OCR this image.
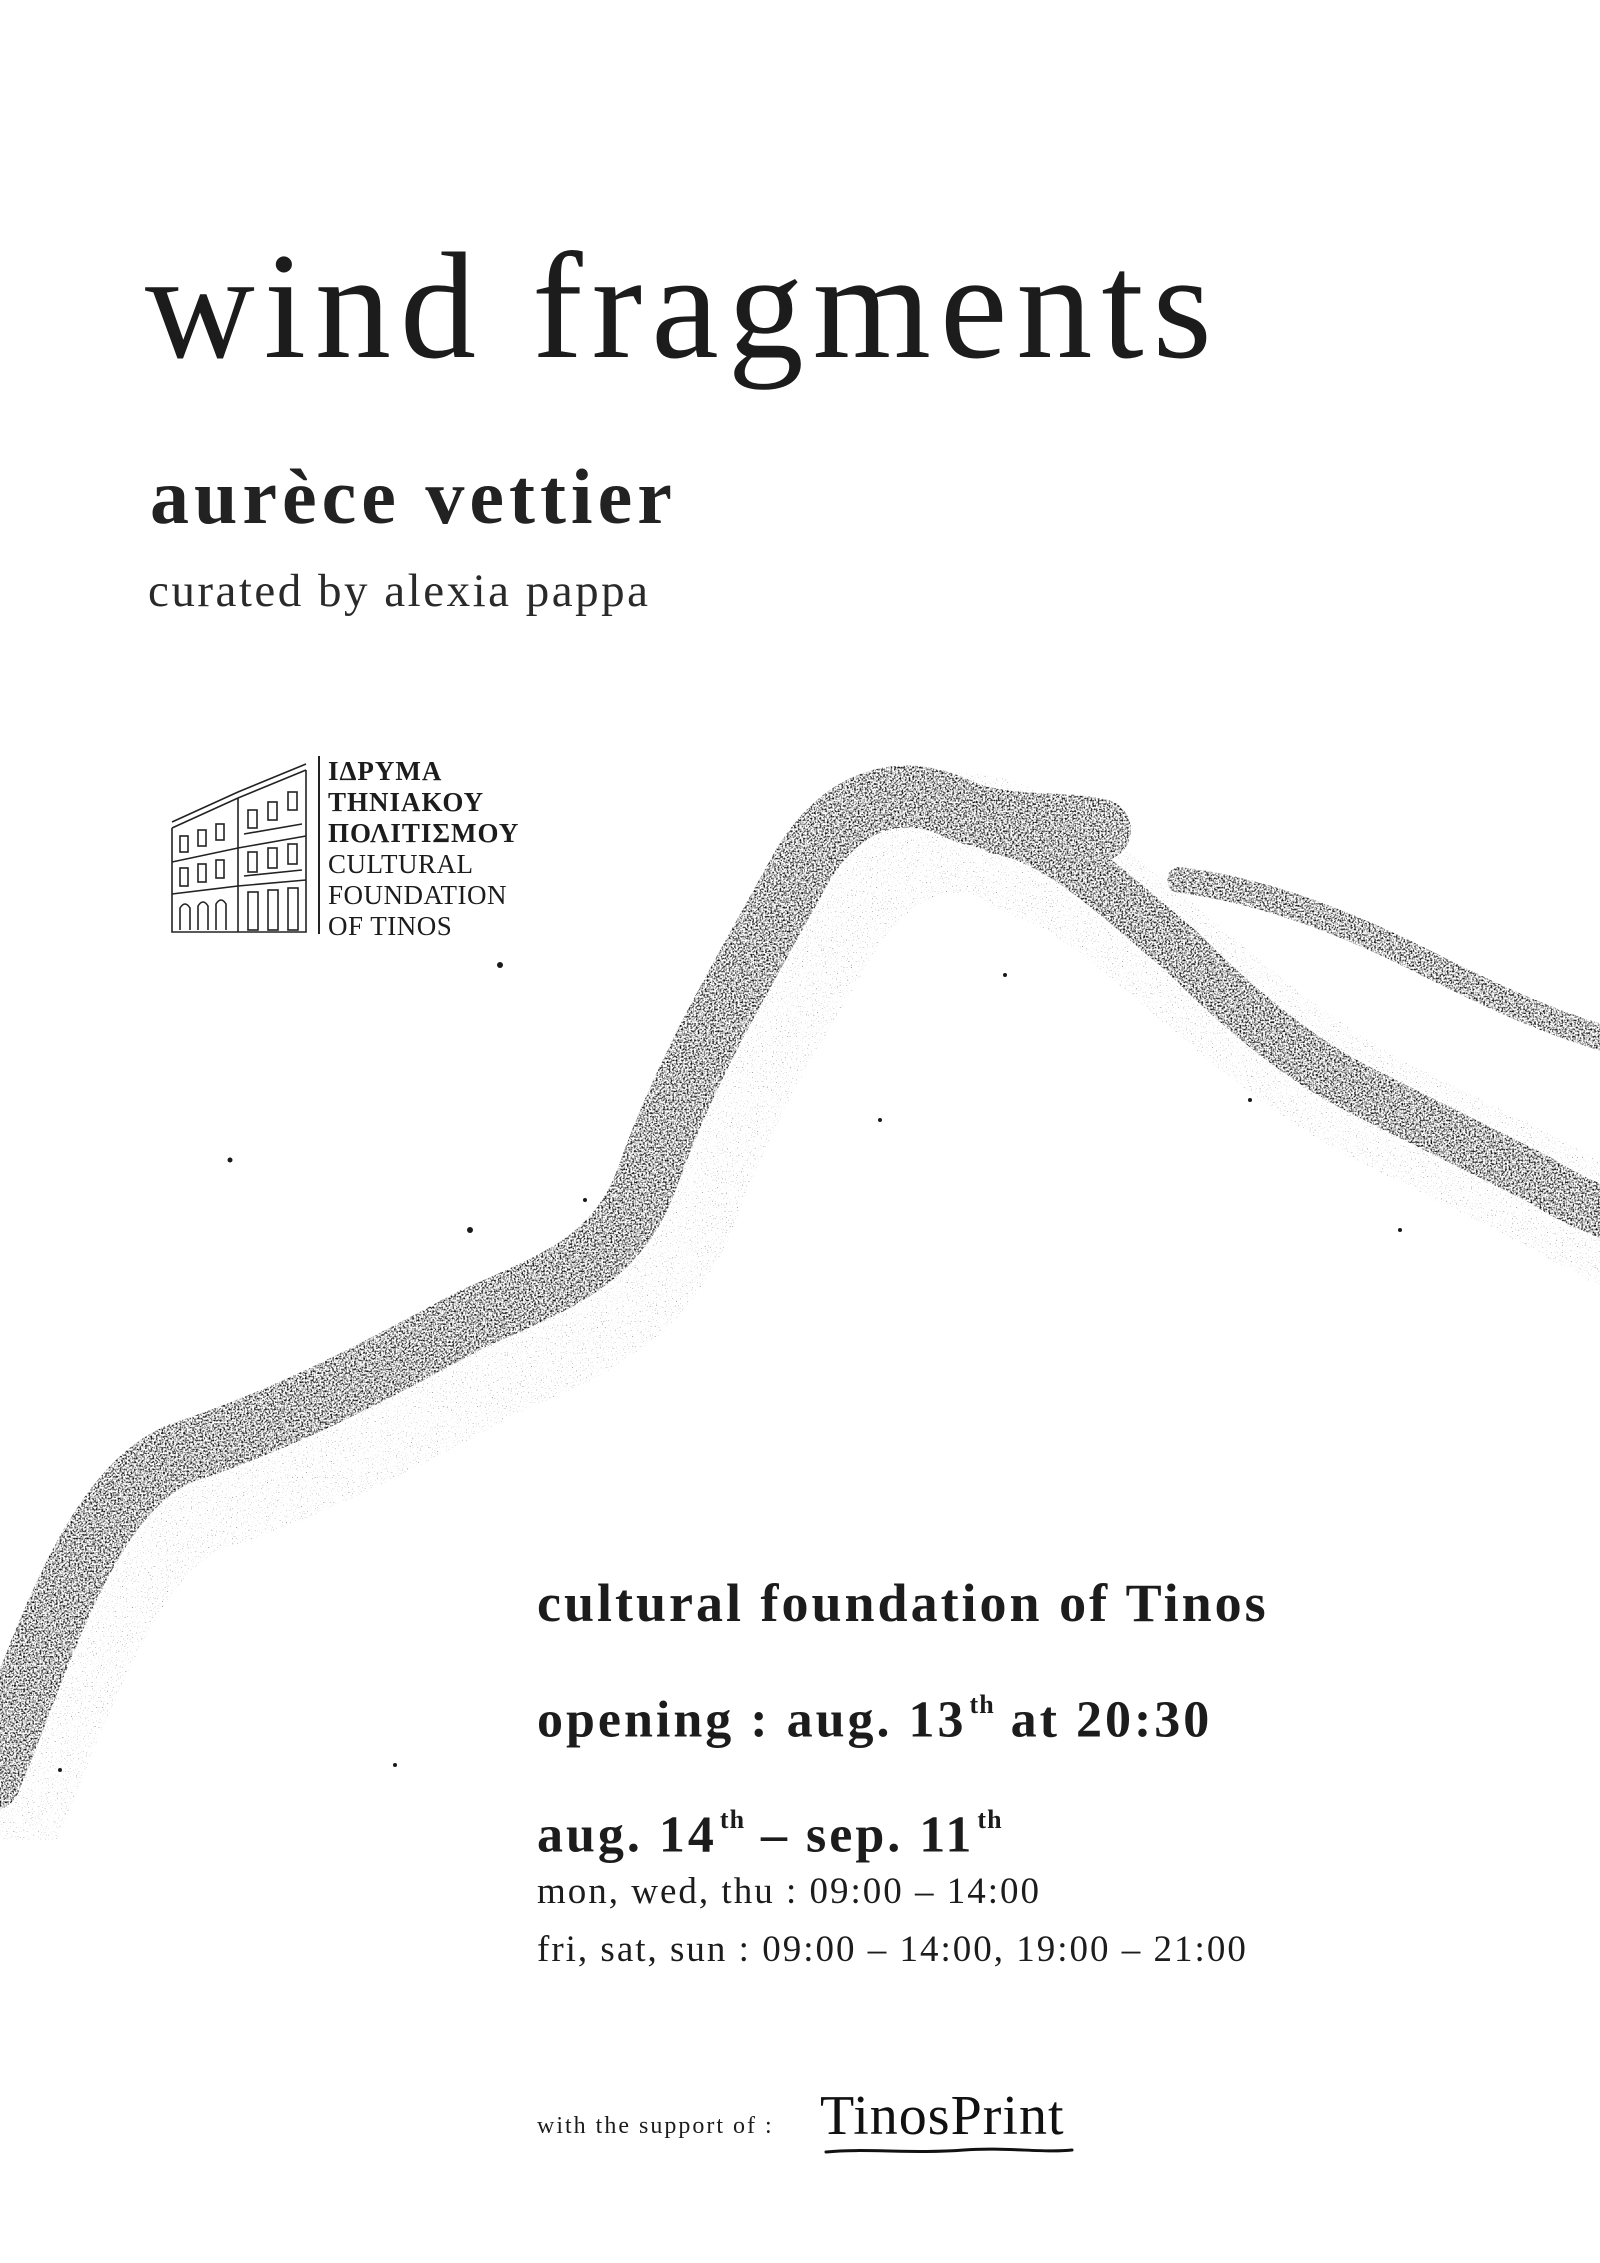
wind fragments
aurèce vettier
curated by alexia pappa
ΙΔΡΥΜΑ
ΤΗΝΙΑΚΟΥ
ΠΟΛΙΤΙΣΜΟΥ
CULTURAL
FOUNDATION
OF TINOS
cultural foundation of Tinos
opening : aug. 13 $^{th}$ at 20:30
aug. 14 $^{th}$ – sep. 11 $^{th}$
mon, wed, thu : 09:00 – 14:00
fri, sat, sun : 09:00 – 14:00, 19:00 – 21:00
with the support of : TinosPrint
